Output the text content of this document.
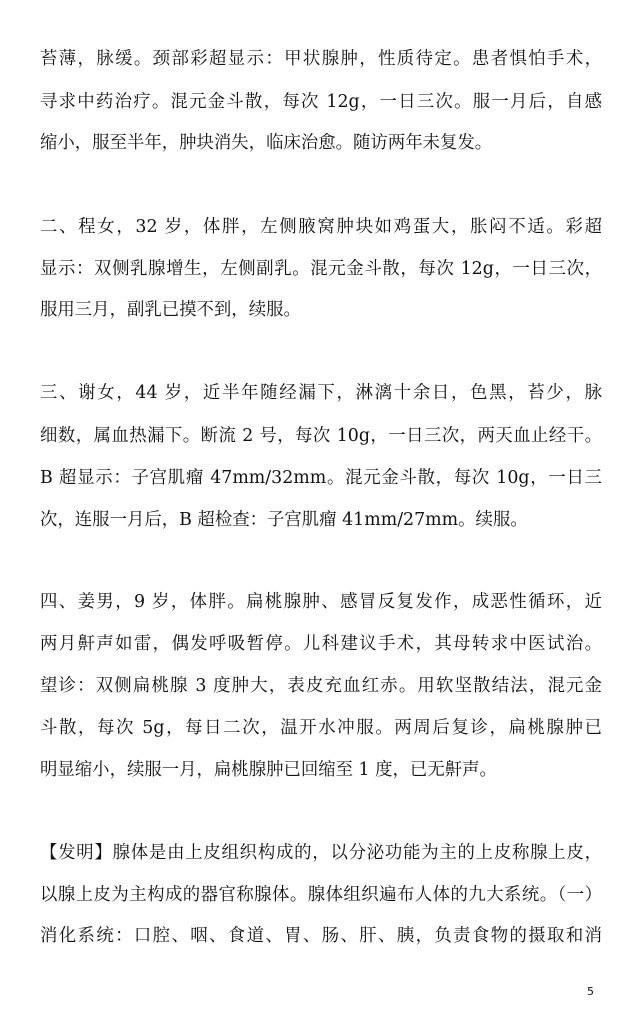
苔薄，脉缓。颈部彩超显示：甲状腺肿，性质待定。患者惧怕手术，
寻求中药治疗。混元金斗散，每次 12g，一日三次。服一月后，自感
缩小，服至半年，肿块消失，临床治愈。随访两年未复发。
二、程女，32 岁，体胖，左侧腋窝肿块如鸡蛋大，胀闷不适。彩超
显示：双侧乳腺增生，左侧副乳。混元金斗散，每次 12g，一日三次，
服用三月，副乳已摸不到，续服。
三、谢女，44 岁，近半年随经漏下，淋漓十余日，色黑，苔少，脉
细数，属血热漏下。断流 2 号，每次 10g，一日三次，两天血止经干。
B 超显示：子宫肌瘤 47mm/32mm。混元金斗散，每次 10g，一日三
次，连服一月后，B 超检查：子宫肌瘤 41mm/27mm。续服。
四、姜男，9 岁，体胖。扁桃腺肿、感冒反复发作，成恶性循环，近
两月鼾声如雷，偶发呼吸暂停。儿科建议手术，其母转求中医试治。
望诊：双侧扁桃腺 3 度肿大，表皮充血红赤。用软坚散结法，混元金
斗散，每次 5g，每日二次，温开水冲服。两周后复诊，扁桃腺肿已
明显缩小，续服一月，扁桃腺肿已回缩至 1 度，已无鼾声。
【发明】腺体是由上皮组织构成的，以分泌功能为主的上皮称腺上皮，
以腺上皮为主构成的器官称腺体。腺体组织遍布人体的九大系统。（一）
消化系统：口腔、咽、食道、胃、肠、肝、胰，负责食物的摄取和消
5
